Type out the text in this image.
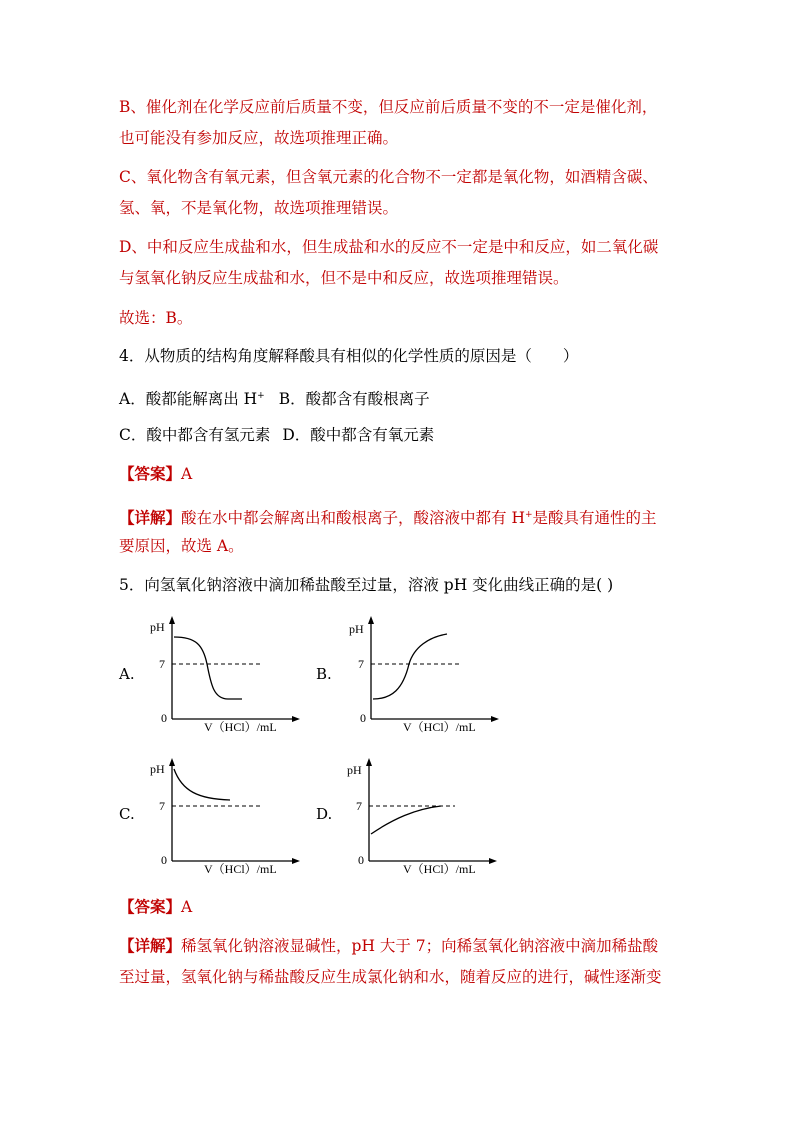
B、催化剂在化学反应前后质量不变，但反应前后质量不变的不一定是催化剂，
也可能没有参加反应，故选项推理正确。
C、氧化物含有氧元素，但含氧元素的化合物不一定都是氧化物，如酒精含碳、
氢、氧，不是氧化物，故选项推理错误。
D、中和反应生成盐和水，但生成盐和水的反应不一定是中和反应，如二氧化碳
与氢氧化钠反应生成盐和水，但不是中和反应，故选项推理错误。
故选：B。
4．从物质的结构角度解释酸具有相似的化学性质的原因是（　　）
A．酸都能解离出 H+ B．酸都含有酸根离子
C．酸中都含有氢元素 D．酸中都含有氧元素
【答案】A
【详解】酸在水中都会解离出和酸根离子，酸溶液中都有 H+是酸具有通性的主
要原因，故选 A。
5．向氢氧化钠溶液中滴加稀盐酸至过量，溶液 pH 变化曲线正确的是( )
A.
pH
7
0
V（HCl）/mL
B.
pH
7
0
V（HCl）/mL
C.
pH
7
0
V（HCl）/mL
D.
pH
7
0
V（HCl）/mL
【答案】A
【详解】稀氢氧化钠溶液显碱性，pH 大于 7；向稀氢氧化钠溶液中滴加稀盐酸
至过量，氢氧化钠与稀盐酸反应生成氯化钠和水，随着反应的进行，碱性逐渐变
